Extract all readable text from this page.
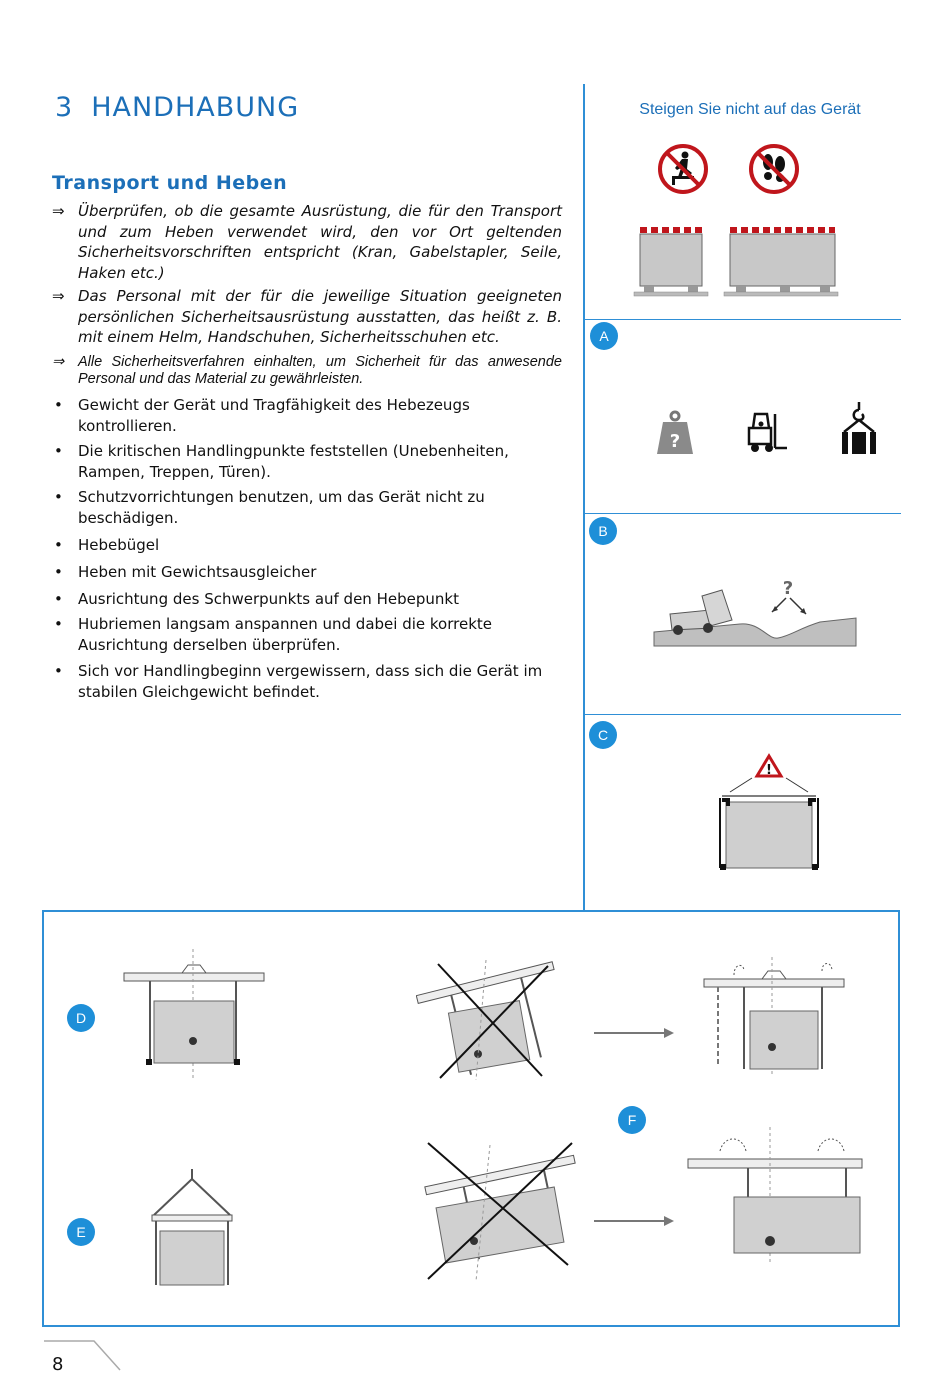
3 HANDHABUNG
Transport und Heben
⇒ Überprüfen, ob die gesamte Ausrüstung, die für den Transport und zum Heben verwendet wird, den vor Ort geltenden Sicherheitsvorschriften entspricht (Kran, Gabelstapler, Seile, Haken etc.)
⇒ Das Personal mit der für die jeweilige Situation geeigneten persönlichen Sicherheitsausrüstung ausstatten, das heißt z. B. mit einem Helm, Handschuhen, Sicherheitsschuhen etc.
⇒ Alle Sicherheitsverfahren einhalten, um Sicherheit für das anwesende Personal und das Material zu gewährleisten.
•	Gewicht der Gerät und Tragfähigkeit des Hebezeugs kontrollieren.
•	Die kritischen Handlingpunkte feststellen (Unebenheiten, Rampen, Treppen, Türen).
•	Schutzvorrichtungen benutzen, um das Gerät nicht zu beschädigen.
•	Hebebügel
•	Heben mit Gewichtsausgleicher
•	Ausrichtung des Schwerpunkts auf den Hebepunkt
•	Hubriemen langsam anspannen und dabei die korrekte Ausrichtung derselben überprüfen.
•	Sich vor Handlingbeginn vergewissern, dass sich die Gerät im stabilen Gleichgewicht befindet.
Steigen Sie nicht auf das Gerät
A
?
B
?
C
!
D
E
F
8
